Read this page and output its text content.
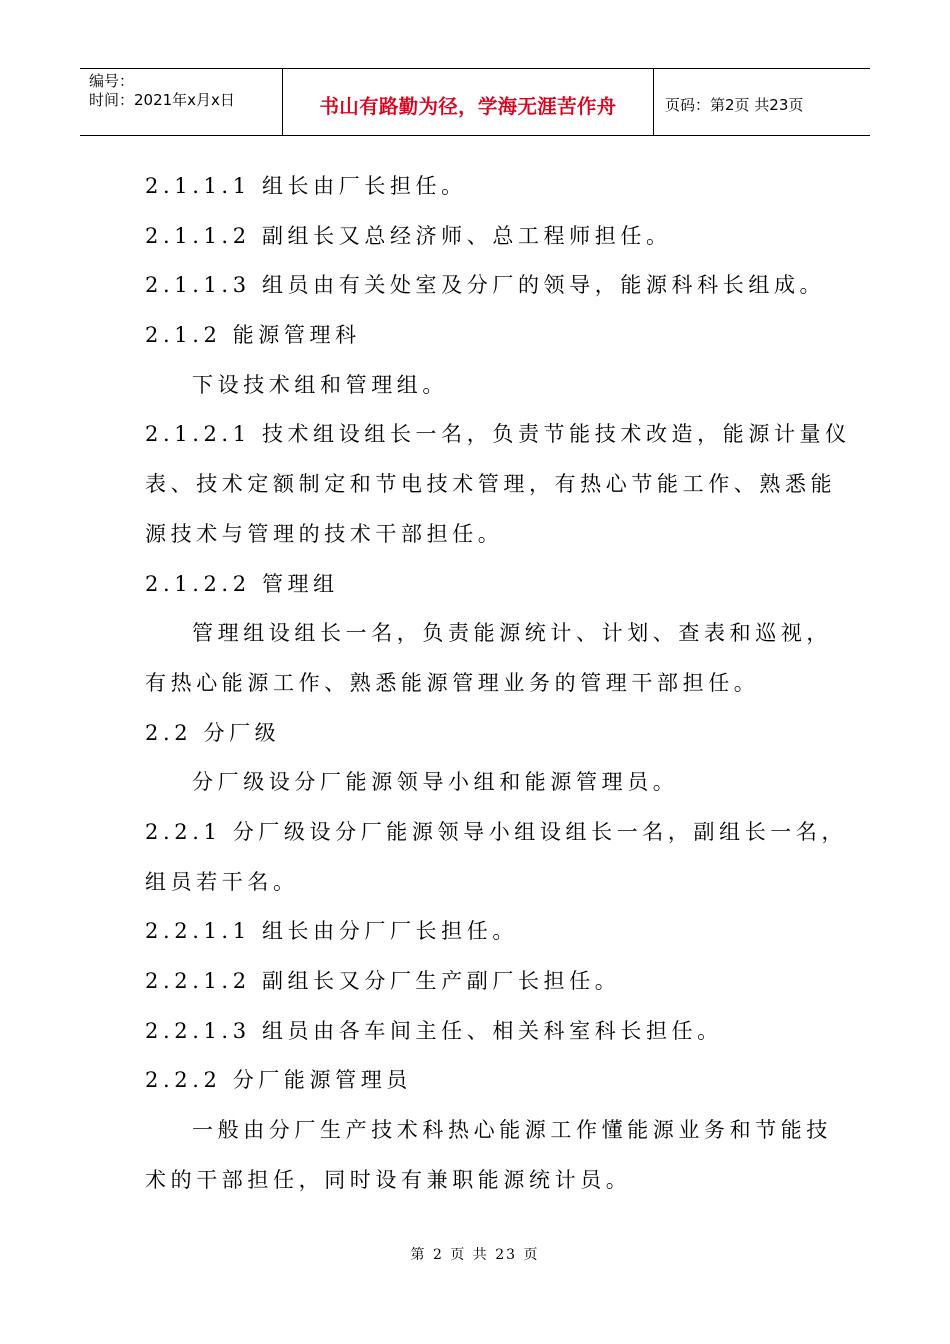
编号：
时间：2021年x月x日	书山有路勤为径，学海无涯苦作舟	页码：第2页 共23页
2.1.1.1 组长由厂长担任。
2.1.1.2 副组长又总经济师、总工程师担任。
2.1.1.3 组员由有关处室及分厂的领导，能源科科长组成。
2.1.2 能源管理科
下设技术组和管理组。
2.1.2.1 技术组设组长一名，负责节能技术改造，能源计量仪
表、技术定额制定和节电技术管理，有热心节能工作、熟悉能
源技术与管理的技术干部担任。
2.1.2.2 管理组
管理组设组长一名，负责能源统计、计划、查表和巡视，
有热心能源工作、熟悉能源管理业务的管理干部担任。
2.2 分厂级
分厂级设分厂能源领导小组和能源管理员。
2.2.1 分厂级设分厂能源领导小组设组长一名，副组长一名，
组员若干名。
2.2.1.1 组长由分厂厂长担任。
2.2.1.2 副组长又分厂生产副厂长担任。
2.2.1.3 组员由各车间主任、相关科室科长担任。
2.2.2 分厂能源管理员
一般由分厂生产技术科热心能源工作懂能源业务和节能技
术的干部担任，同时设有兼职能源统计员。
第 2 页 共 23 页
